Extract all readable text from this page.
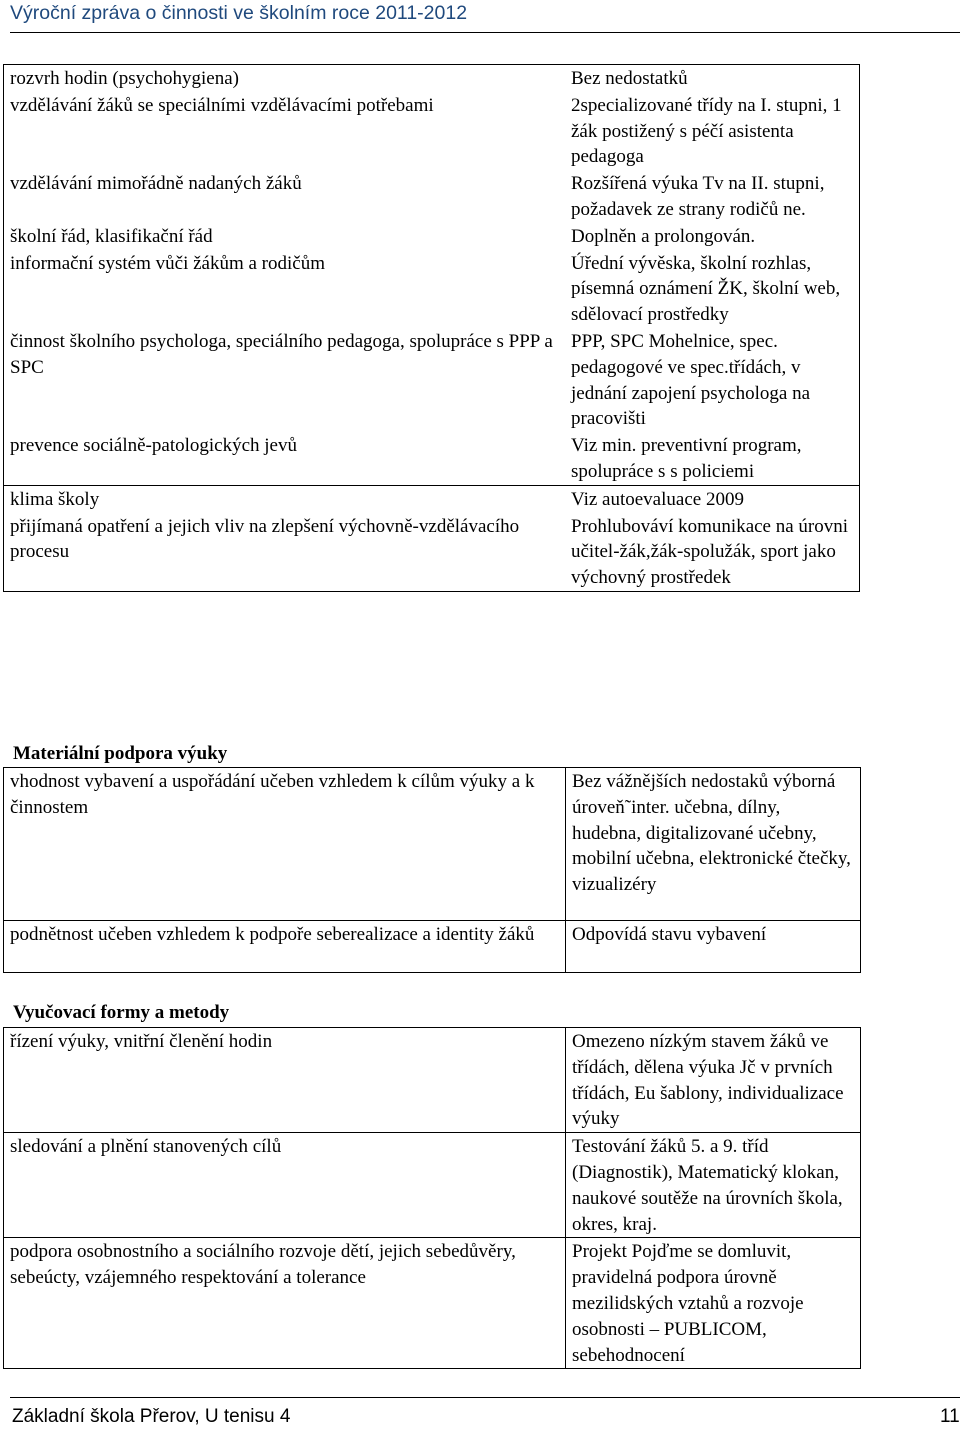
Výroční zpráva o činnosti ve školním roce 2011-2012
rozvrh hodin (psychohygiena)	Bez nedostatků
vzdělávání žáků se speciálními vzdělávacími potřebami	2specializované třídy na I. stupni, 1 žák postižený s péčí asistenta pedagoga
vzdělávání mimořádně nadaných žáků	Rozšířená výuka Tv na II. stupni, požadavek ze strany rodičů ne.
školní řád, klasifikační řád	Doplněn a prolongován.
informační systém vůči žákům a rodičům	Úřední vývěska, školní rozhlas, písemná oznámení ŽK, školní web, sdělovací prostředky
činnost školního psychologa, speciálního pedagoga, spolupráce s PPP a SPC	PPP, SPC Mohelnice, spec. pedagogové ve spec.třídách, v jednání zapojení psychologa na pracovišti
prevence sociálně-patologických jevů	Viz min. preventivní program, spolupráce s s policiemi
klima školy	Viz autoevaluace 2009
přijímaná opatření a jejich vliv na zlepšení výchovně-vzdělávacího procesu	Prohlubováví komunikace na úrovni učitel-žák,žák-spolužák, sport jako výchovný prostředek
Materiální podpora výuky
vhodnost vybavení a uspořádání učeben vzhledem k cílům výuky a k činnostem	Bez vážnějších nedostaků výborná úroveň˜inter. učebna, dílny, hudebna, digitalizované učebny, mobilní učebna, elektronické čtečky, vizualizéry
podnětnost učeben vzhledem k podpoře seberealizace a identity žáků	Odpovídá stavu vybavení
Vyučovací formy a metody
řízení výuky, vnitřní členění hodin	Omezeno nízkým stavem žáků ve třídách, dělena výuka Jč v prvních třídách, Eu šablony, individualizace výuky
sledování a plnění stanovených cílů	Testování žáků 5. a 9. tříd (Diagnostik), Matematický klokan, naukové soutěže na úrovních škola, okres, kraj.
podpora osobnostního a sociálního rozvoje dětí, jejich sebedůvěry, sebeúcty, vzájemného respektování a tolerance	Projekt Pojďme se domluvit, pravidelná podpora úrovně mezilidských vztahů a rozvoje osobnosti – PUBLICOM, sebehodnocení
Základní škola Přerov, U tenisu 4	11
